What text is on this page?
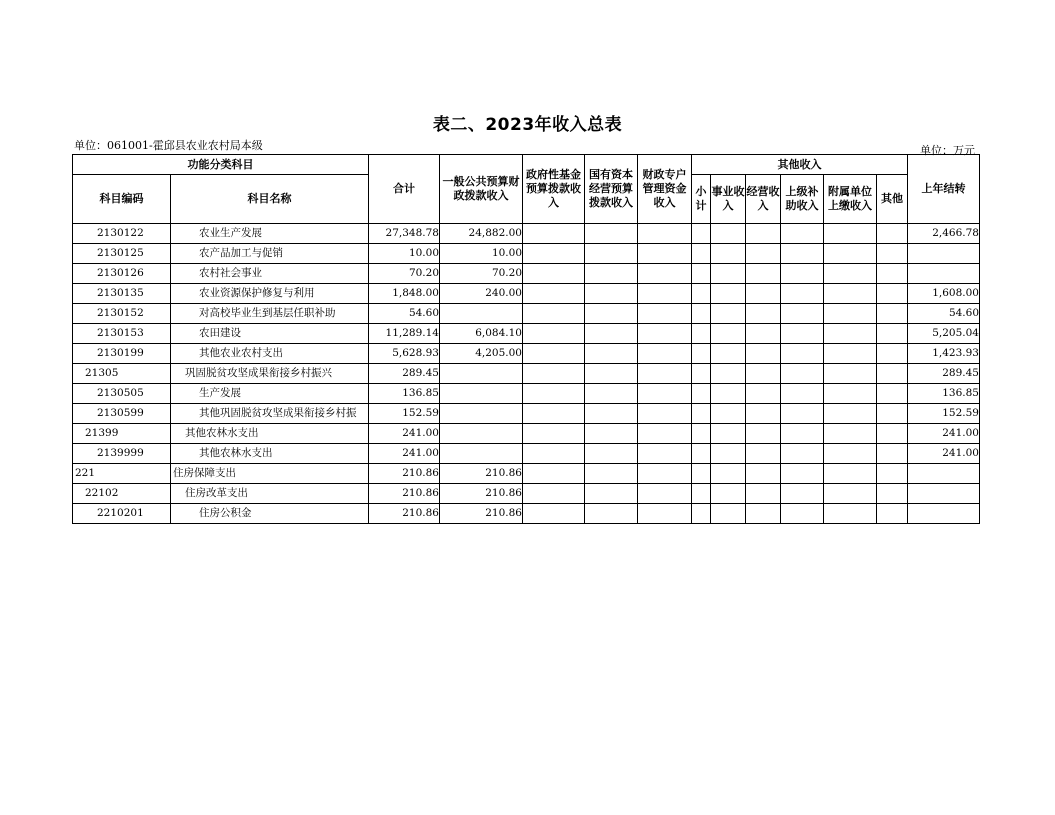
表二、2023年收入总表
单位：061001-霍邱县农业农村局本级	单位：万元
功能分类科目		合计	一般公共预算财政拨款收入	政府性基金预算拨款收入	国有资本经营预算拨款收入	财政专户管理资金收入	其他收入						上年结转
科目编码	科目名称						小计	事业收入	经营收入	上级补助收入	附属单位上缴收入	其他	
2130122	农业生产发展	27,348.78	24,882.00										2,466.78
2130125	农产品加工与促销	10.00	10.00										
2130126	农村社会事业	70.20	70.20										
2130135	农业资源保护修复与利用	1,848.00	240.00										1,608.00
2130152	对高校毕业生到基层任职补助	54.60											54.60
2130153	农田建设	11,289.14	6,084.10										5,205.04
2130199	其他农业农村支出	5,628.93	4,205.00										1,423.93
21305	巩固脱贫攻坚成果衔接乡村振兴	289.45											289.45
2130505	生产发展	136.85											136.85
2130599	其他巩固脱贫攻坚成果衔接乡村振	152.59											152.59
21399	其他农林水支出	241.00											241.00
2139999	其他农林水支出	241.00											241.00
221	住房保障支出	210.86	210.86										
22102	住房改革支出	210.86	210.86										
2210201	住房公积金	210.86	210.86										
